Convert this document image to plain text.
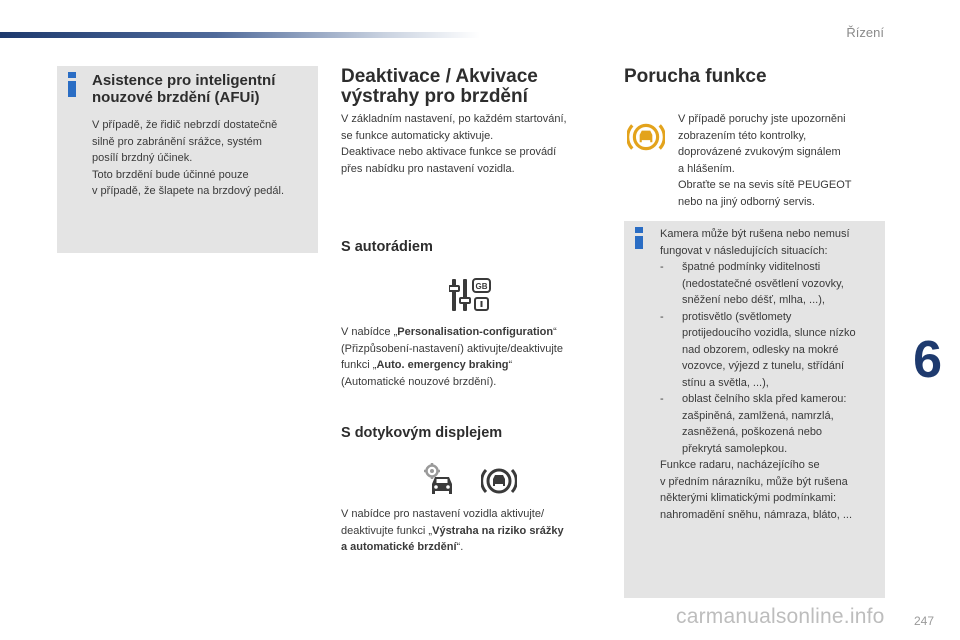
Řízení
Asistence pro inteligentní nouzové brzdění (AFUi)
V případě, že řidič nebrzdí dostatečně
silně pro zabránění srážce, systém
posílí brzdný účinek.
Toto brzdění bude účinné pouze
v případě, že šlapete na brzdový pedál.
Deaktivace / Akvivace
výstrahy pro brzdění
V základním nastavení, po každém startování,
se funkce automaticky aktivuje.
Deaktivace nebo aktivace funkce se provádí
přes nabídku pro nastavení vozidla.
S autorádiem
GB
V nabídce „Personalisation-configuration“
(Přizpůsobení-nastavení) aktivujte/deaktivujte
funkci „Auto. emergency braking“
(Automatické nouzové brzdění).
S dotykovým displejem
V nabídce pro nastavení vozidla aktivujte/
deaktivujte funkci „Výstraha na riziko srážky
a automatické brzdění“.
Porucha funkce
V případě poruchy jste upozorněni
zobrazením této kontrolky,
doprovázené zvukovým signálem
a hlášením.
Obraťte se na sevis sítě PEUGEOT
nebo na jiný odborný servis.
Kamera může být rušena nebo nemusí
fungovat v následujících situacích:
-	špatné podmínky viditelnosti
(nedostatečné osvětlení vozovky,
sněžení nebo déšť, mlha, ...),
-	protisvětlo (světlomety
protijedoucího vozidla, slunce nízko
nad obzorem, odlesky na mokré
vozovce, výjezd z tunelu, střídání
stínu a světla, ...),
-	oblast čelního skla před kamerou:
zašpiněná, zamlžená, namrzlá,
zasněžená, poškozená nebo
překrytá samolepkou.
Funkce radaru, nacházejícího se
v předním nárazníku, může být rušena
některými klimatickými podmínkami:
nahromadění sněhu, námraza, bláto, ...
6
carmanualsonline.info 247
